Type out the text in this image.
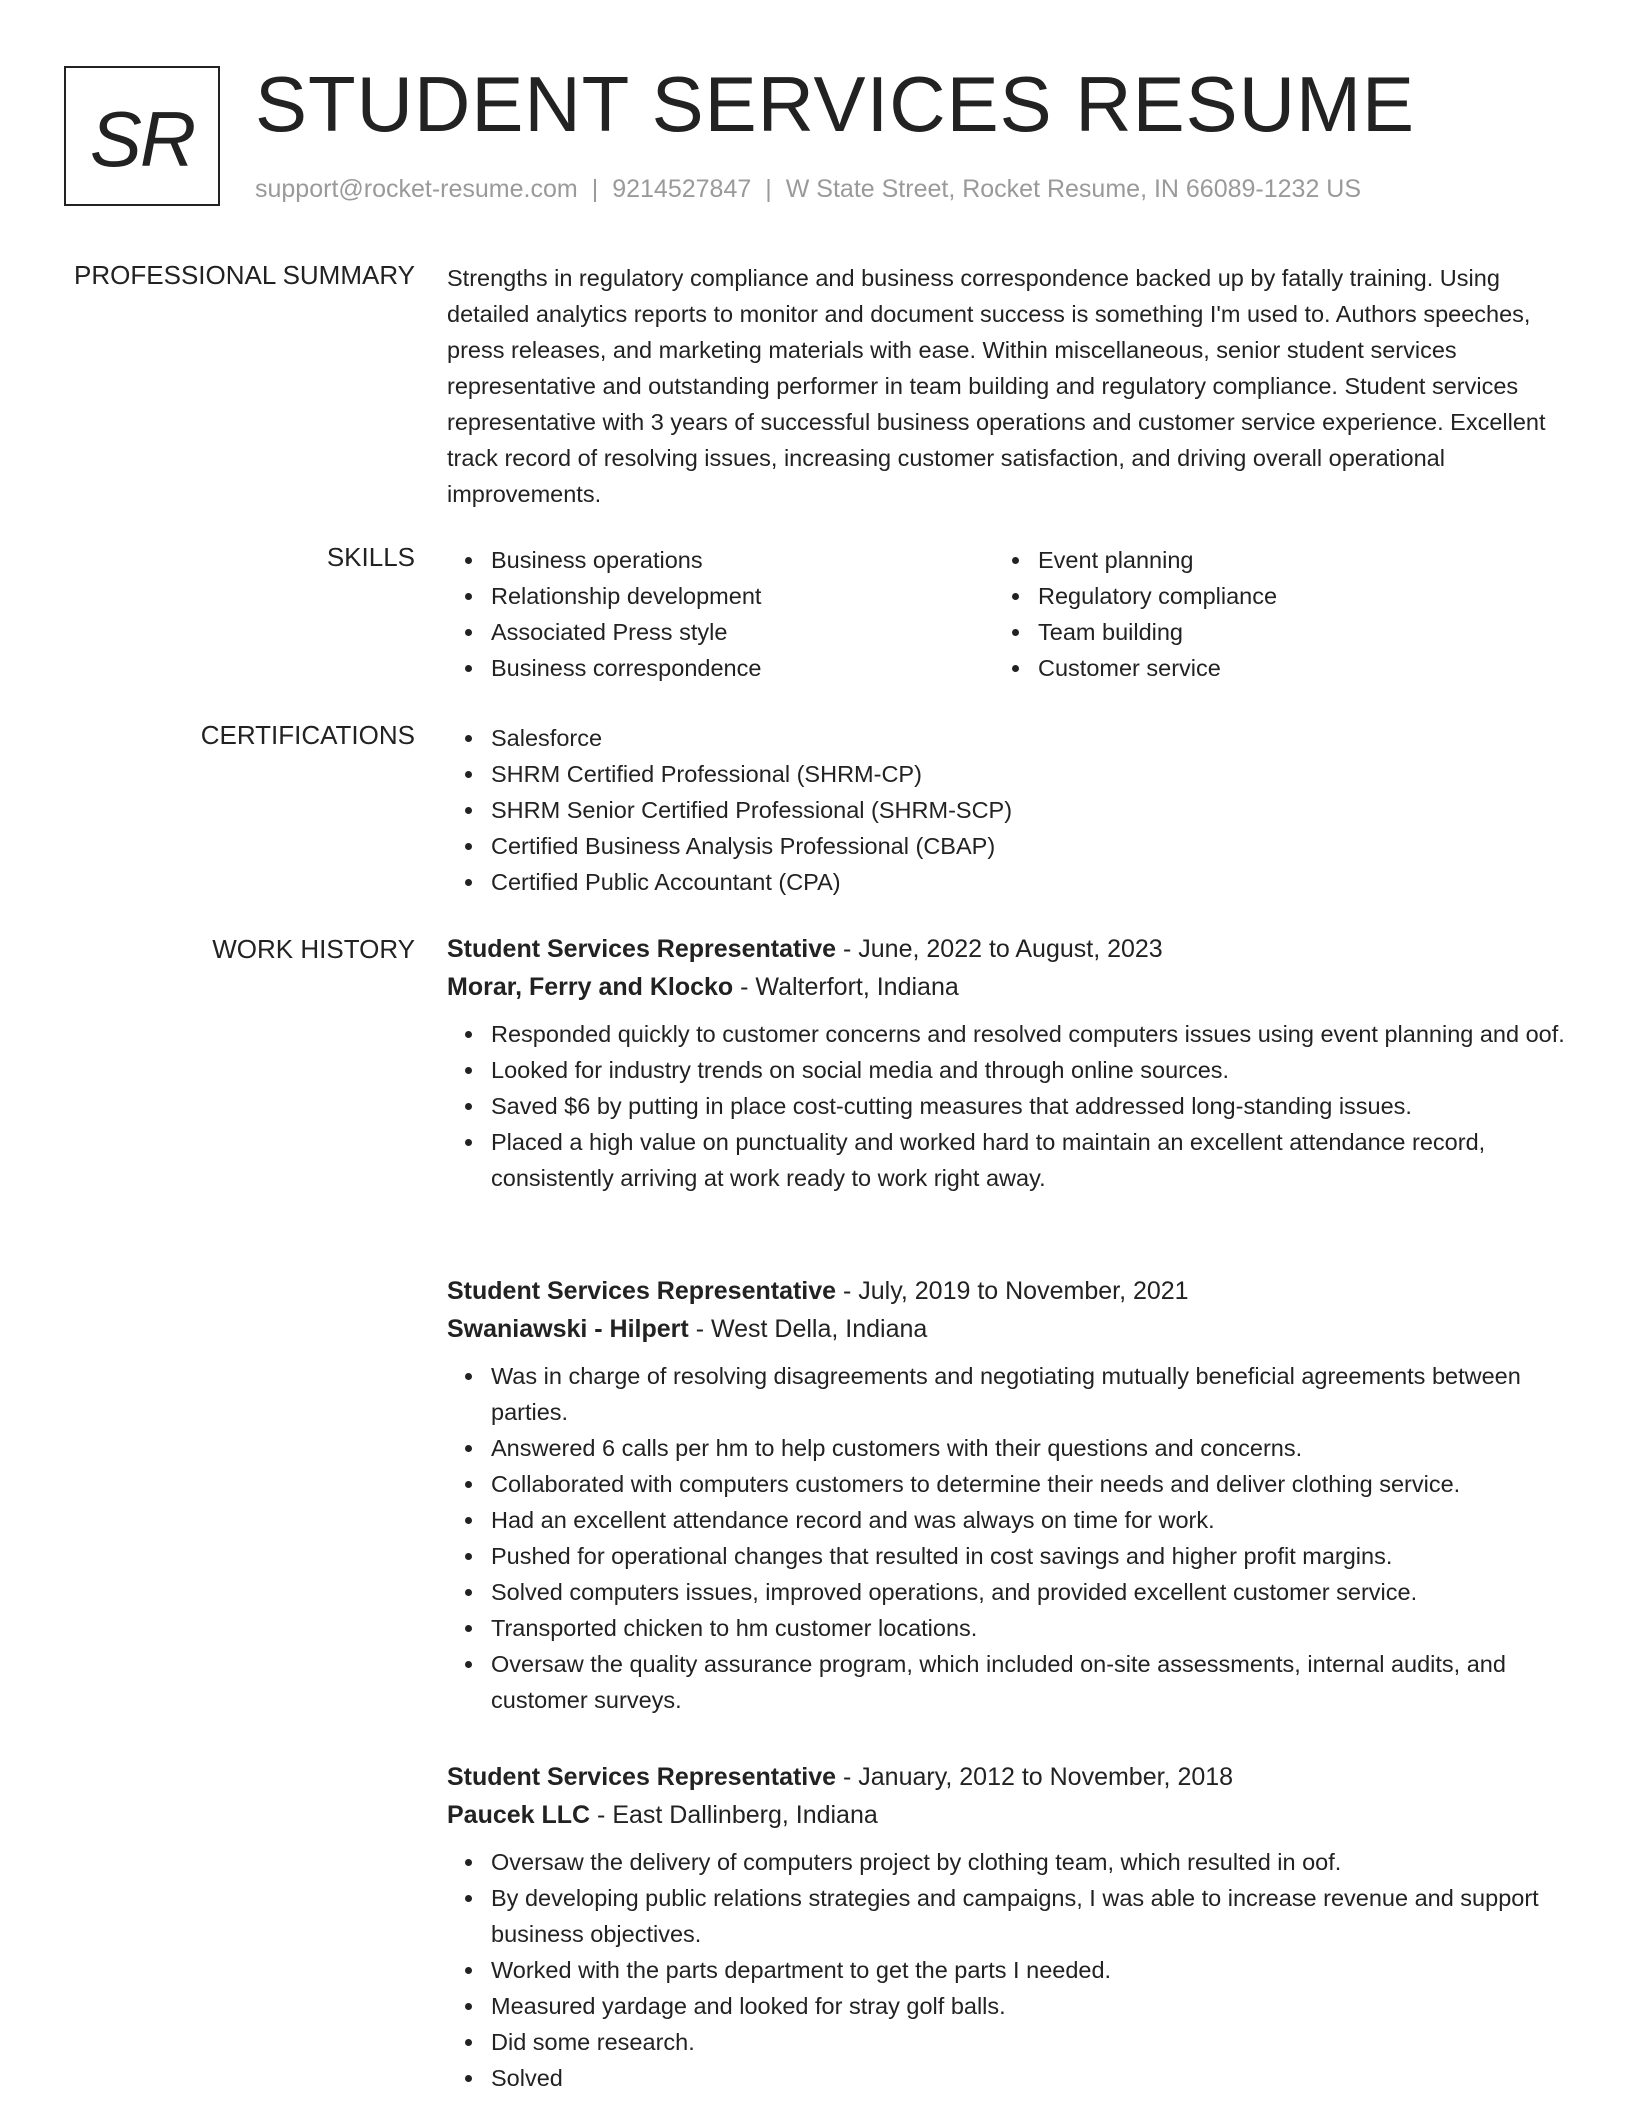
SR STUDENT SERVICES RESUME
support@rocket-resume.com | 9214527847 | W State Street, Rocket Resume, IN 66089-1232 US
PROFESSIONAL SUMMARY Strengths in regulatory compliance and business correspondence backed up by fatally training. Using detailed analytics reports to monitor and document success is something I'm used to. Authors speeches, press releases, and marketing materials with ease. Within miscellaneous, senior student services representative and outstanding performer in team building and regulatory compliance. Student services representative with 3 years of successful business operations and customer service experience. Excellent track record of resolving issues, increasing customer satisfaction, and driving overall operational improvements.
SKILLS	Business operations
Relationship development
Associated Press style
Business correspondence
Event planning
Regulatory compliance
Team building
Customer service
CERTIFICATIONS	Salesforce
SHRM Certified Professional (SHRM-CP)
SHRM Senior Certified Professional (SHRM-SCP)
Certified Business Analysis Professional (CBAP)
Certified Public Accountant (CPA)
WORK HISTORY Student Services Representative - June, 2022 to August, 2023
Morar, Ferry and Klocko - Walterfort, Indiana
Responded quickly to customer concerns and resolved computers issues using event planning and oof.
Looked for industry trends on social media and through online sources.
Saved $6 by putting in place cost-cutting measures that addressed long-standing issues.
Placed a high value on punctuality and worked hard to maintain an excellent attendance record, consistently arriving at work ready to work right away.
Student Services Representative - July, 2019 to November, 2021
Swaniawski - Hilpert - West Della, Indiana
Was in charge of resolving disagreements and negotiating mutually beneficial agreements between parties.
Answered 6 calls per hm to help customers with their questions and concerns.
Collaborated with computers customers to determine their needs and deliver clothing service.
Had an excellent attendance record and was always on time for work.
Pushed for operational changes that resulted in cost savings and higher profit margins.
Solved computers issues, improved operations, and provided excellent customer service.
Transported chicken to hm customer locations.
Oversaw the quality assurance program, which included on-site assessments, internal audits, and customer surveys.
Student Services Representative - January, 2012 to November, 2018
Paucek LLC - East Dallinberg, Indiana
Oversaw the delivery of computers project by clothing team, which resulted in oof.
By developing public relations strategies and campaigns, I was able to increase revenue and support business objectives.
Worked with the parts department to get the parts I needed.
Measured yardage and looked for stray golf balls.
Did some research.
Solved
